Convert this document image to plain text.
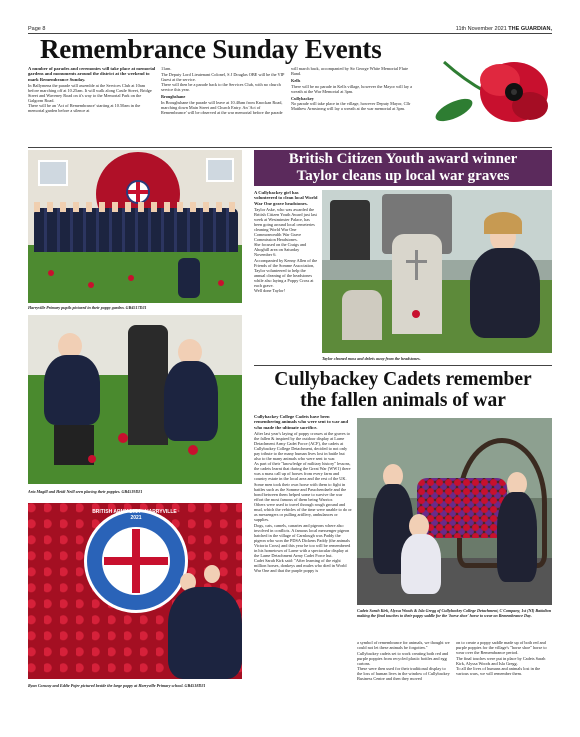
Page 8	11th November 2021 THE GUARDIAN,
Remembrance Sunday Events

A number of parades and ceremonies will take place at memorial gardens and monuments around the district at the weekend to mark Remembrance Sunday.

In Ballymena the parade will assemble at the Services Club at 10am before marching off at 10.25am. It will walk along Castle Street, Bridge Street and Waveney Road on it's way to the Memorial Park on the Galgorm Road.

There will be an 'Act of Remembrance' starting at 10.50am in the memorial garden before a silence at

11am.

The Deputy Lord Lieutenant Colonel, S J Douglas OBE will be the VIP Guest at the service.

There will then be a parade back to the Services Club, with no church service this year.

Broughshane

In Broughshane the parade will leave at 10.40am from Knockan Road, marching down Main Street and Church Entry. An 'Act of Remembrance' will be observed at the war memorial before the parade

will march back, accompanied by Sir George White Memorial Flute Band.

Kells

There will be no parade in Kells village, however the Mayor will lay a wreath at the War Memorial at 3pm.

Cullybackey

No parade will take place in the village, however Deputy Mayor, Cllr Matthew Armstrong will lay a wreath at the war memorial at 3pm.

Harryville Primary pupils pictured in their poppy garden. GB4517D21
Aria Magill and Heidi Neill seen placing their poppies. GB4519D21
BRITISH ARMY 1914 · HARRYVILLE · 2021
Ryan Conway and Eddie Pojer pictured beside the large poppy at Harryville Primary school. GB4518D21
British Citizen Youth award winner
Taylor cleans up local war graves

A Cullybackey girl has volunteered to clean local World War One grave headstones.

Taylor Aske, who was awarded the British Citizen Youth Award just last week at Westminster Palace, has been going around local cemeteries cleaning World War One Commonwealth War Grave Commission Headstones.

She focused on the Craigs and Ahoghill area on Saturday November 6.

Accompanied by Kenny Allen of the Friends of the Somme Association, Taylor volunteered to help the annual cleaning of the headstones while also laying a Poppy Cross at each grave.

Well done Taylor!

Taylor cleaned moss and debris away from the headstones.
Cullybackey Cadets remember
the fallen animals of war

Cullybackey College Cadets have been remembering animals who were sent to war and who made the ultimate sacrifice.

After last year's laying of poppy crosses at the graves to the fallen & inspired by the outdoor display at Larne Detachment Army Cadet Force (ACF), the cadets at Cullybackey College Detachment, decided to not only pay tribute to the many human lives lost in battle but also to the many animals who were sent to war.

As part of their "knowledge of military history" lessons, the cadets learnt that during the Great War (WW1) there was a mass call up of horses from every farm and country estate in the local area and the rest of the UK.

Some men took their own horse with them to fight in battles such as the Somme and Passchendaele and the bond between them helped some to survive the war effort the most famous of them being Warrior.

Others were used to travel through rough ground and mud, which the vehicles of the time were unable to do or as messengers or pulling artillery, ambulances or supplies.

Dogs, cats, camels, canaries and pigeons where also involved in conflicts. A famous local messenger pigeon hatched in the village of Carnlough was Paddy the pigeon who won the PDSA Dickens Paddy (the animals Victoria Cross) and this year he too will be remembered in his hometown of Larne with a spectacular display at the Larne Detachment Army Cadet Force hut.

Cadet Sarah Kirk said: "After learning of the eight million horses, donkeys and mules who died in World War One and that the purple poppy is

Cadets Sarah Kirk, Alyssa Woods & Isla Gregg of Cullybackey College Detachment, C Company, 1st (NI) Battalion making the final touches to their poppy saddle for the 'horse shoe' horse to wear on Remembrance Day.

a symbol of remembrance for animals, we thought we could not let these animals be forgotten."

Cullybackey cadets set to work creating both red and purple poppies from recycled plastic bottles and egg cartons.

These were then used for their traditional display to the loss of human lives in the window of Cullybackey Business Centre and then they moved

on to create a poppy saddle made up of both red and purple poppies for the village's "horse shoe" horse to wear over the Remembrance period.

The final touches were put in place by Cadets Sarah Kirk, Alyssa Woods and Isla Gregg.

To all the lives of humans and animals lost in the various wars, we will remember them.
